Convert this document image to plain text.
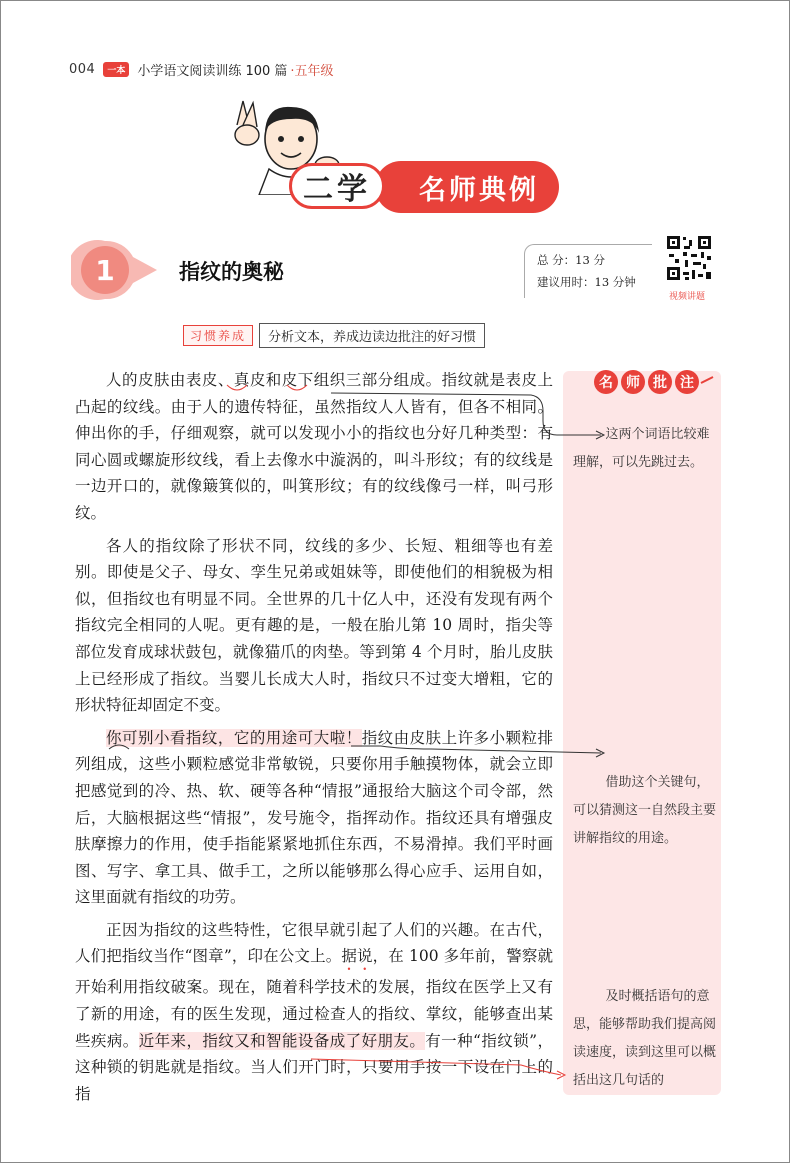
004	一本 小学语文阅读训练 100 篇 ·五年级
名师典例
二学
1	指纹的奥秘	总 分：13 分
建议用时：13 分钟
视频讲题
习惯养成	分析文本，养成边读边批注的好习惯

人的皮肤由表皮、真皮和皮下组织三部分组成。指纹就是表皮上凸起的纹线。由于人的遗传特征，虽然指纹人人皆有，但各不相同。伸出你的手，仔细观察，就可以发现小小的指纹也分好几种类型：有同心圆或螺旋形纹线，看上去像水中漩涡的，叫斗形纹；有的纹线是一边开口的，就像簸箕似的，叫箕形纹；有的纹线像弓一样，叫弓形纹。

各人的指纹除了形状不同，纹线的多少、长短、粗细等也有差别。即使是父子、母女、孪生兄弟或姐妹等，即使他们的相貌极为相似，但指纹也有明显不同。全世界的几十亿人中，还没有发现有两个指纹完全相同的人呢。更有趣的是，一般在胎儿第 10 周时，指尖等部位发育成球状鼓包，就像猫爪的肉垫。等到第 4 个月时，胎儿皮肤上已经形成了指纹。当婴儿长成大人时，指纹只不过变大增粗，它的形状特征却固定不变。

你可别小看指纹，它的用途可大啦！指纹由皮肤上许多小颗粒排列组成，这些小颗粒感觉非常敏锐，只要你用手触摸物体，就会立即把感觉到的冷、热、软、硬等各种“情报”通报给大脑这个司令部，然后，大脑根据这些“情报”，发号施令，指挥动作。指纹还具有增强皮肤摩擦力的作用，使手指能紧紧地抓住东西，不易滑掉。我们平时画图、写字、拿工具、做手工，之所以能够那么得心应手、运用自如，这里面就有指纹的功劳。

正因为指纹的这些特性，它很早就引起了人们的兴趣。在古代，人们把指纹当作“图章”，印在公文上。据说，在 100 多年前，警察就开始利用指纹破案。现在，随着科学技术的发展，指纹在医学上又有了新的用途，有的医生发现，通过检查人的指纹、掌纹，能够查出某些疾病。近年来，指纹又和智能设备成了好朋友。有一种“指纹锁”，这种锁的钥匙就是指纹。当人们开门时，只要用手按一下设在门上的指

名 师 批 注
这两个词语比较难理解，可以先跳过去。
借助这个关键句，可以猜测这一自然段主要讲解指纹的用途。
及时概括语句的意思，能够帮助我们提高阅读速度，读到这里可以概括出这几句话的
